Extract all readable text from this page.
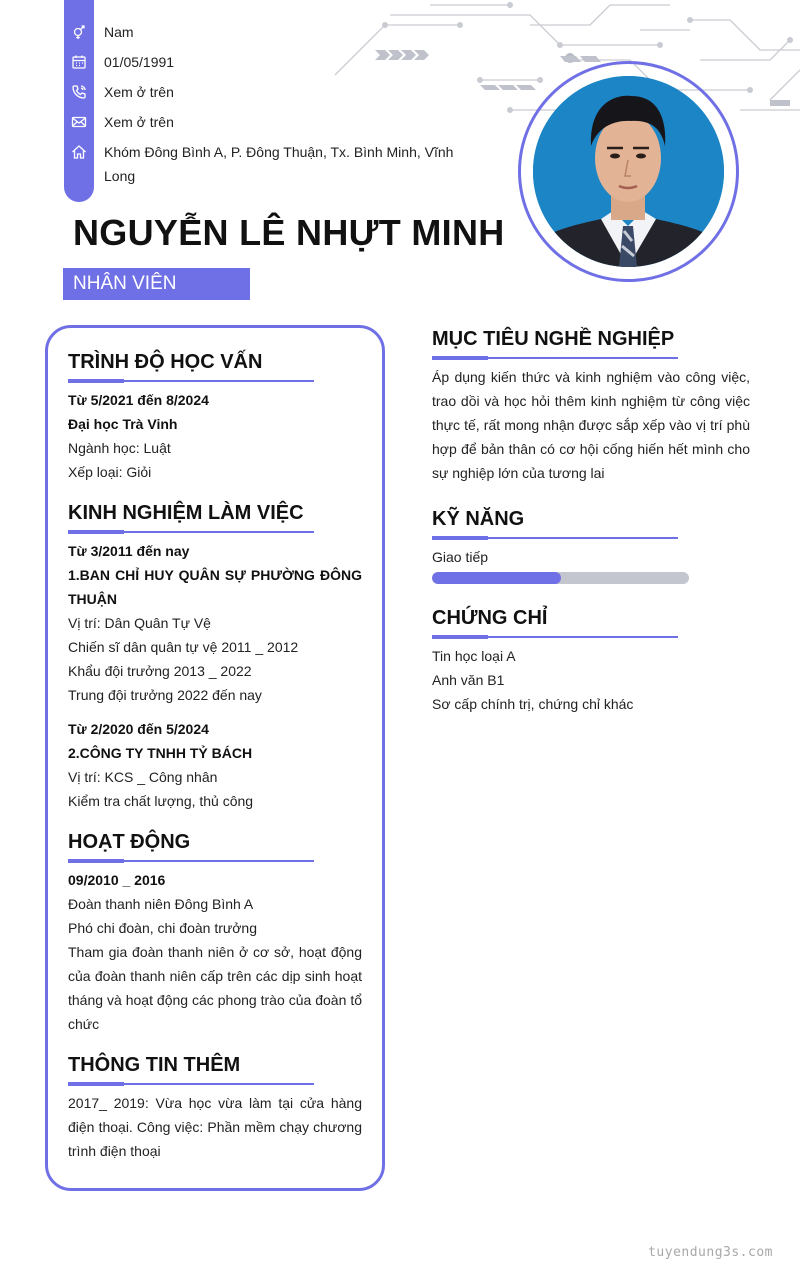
Nam
01/05/1991
Xem ở trên
Xem ở trên
Khóm Đông Bình A, P. Đông Thuận, Tx. Bình Minh, Vĩnh
Long
NGUYỄN LÊ NHỰT MINH
NHÂN VIÊN
TRÌNH ĐỘ HỌC VẤN
Từ 5/2021 đến 8/2024
Đại học Trà Vinh
Ngành học: Luật
Xếp loại: Giỏi
KINH NGHIỆM LÀM VIỆC
Từ 3/2011 đến nay
1.BAN CHỈ HUY QUÂN SỰ PHƯỜNG ĐÔNG
THUẬN
Vị trí: Dân Quân Tự Vệ
Chiến sĩ dân quân tự vệ 2011 _ 2012
Khẩu đội trưởng 2013 _ 2022
Trung đội trưởng 2022 đến nay
Từ 2/2020 đến 5/2024
2.CÔNG TY TNHH TỶ BÁCH
Vị trí: KCS _ Công nhân
Kiểm tra chất lượng, thủ công
HOẠT ĐỘNG
09/2010 _ 2016
Đoàn thanh niên Đông Bình A
Phó chi đoàn, chi đoàn trưởng
Tham gia đoàn thanh niên ở cơ sở, hoạt động của đoàn thanh niên cấp trên các dịp sinh hoạt tháng và hoạt động các phong trào của đoàn tổ chức
THÔNG TIN THÊM
2017_ 2019: Vừa học vừa làm tại cửa hàng điện thoại. Công việc: Phần mềm chạy chương trình điện thoại
MỤC TIÊU NGHỀ NGHIỆP
Áp dụng kiến thức và kinh nghiệm vào công việc, trao dồi và học hỏi thêm kinh nghiệm từ công việc thực tế, rất mong nhận được sắp xếp vào vị trí phù hợp để bản thân có cơ hội cống hiến hết mình cho sự nghiệp lớn của tương lai
KỸ NĂNG
Giao tiếp
CHỨNG CHỈ
Tin học loại A
Anh văn B1
Sơ cấp chính trị, chứng chỉ khác
tuyendung3s.com
